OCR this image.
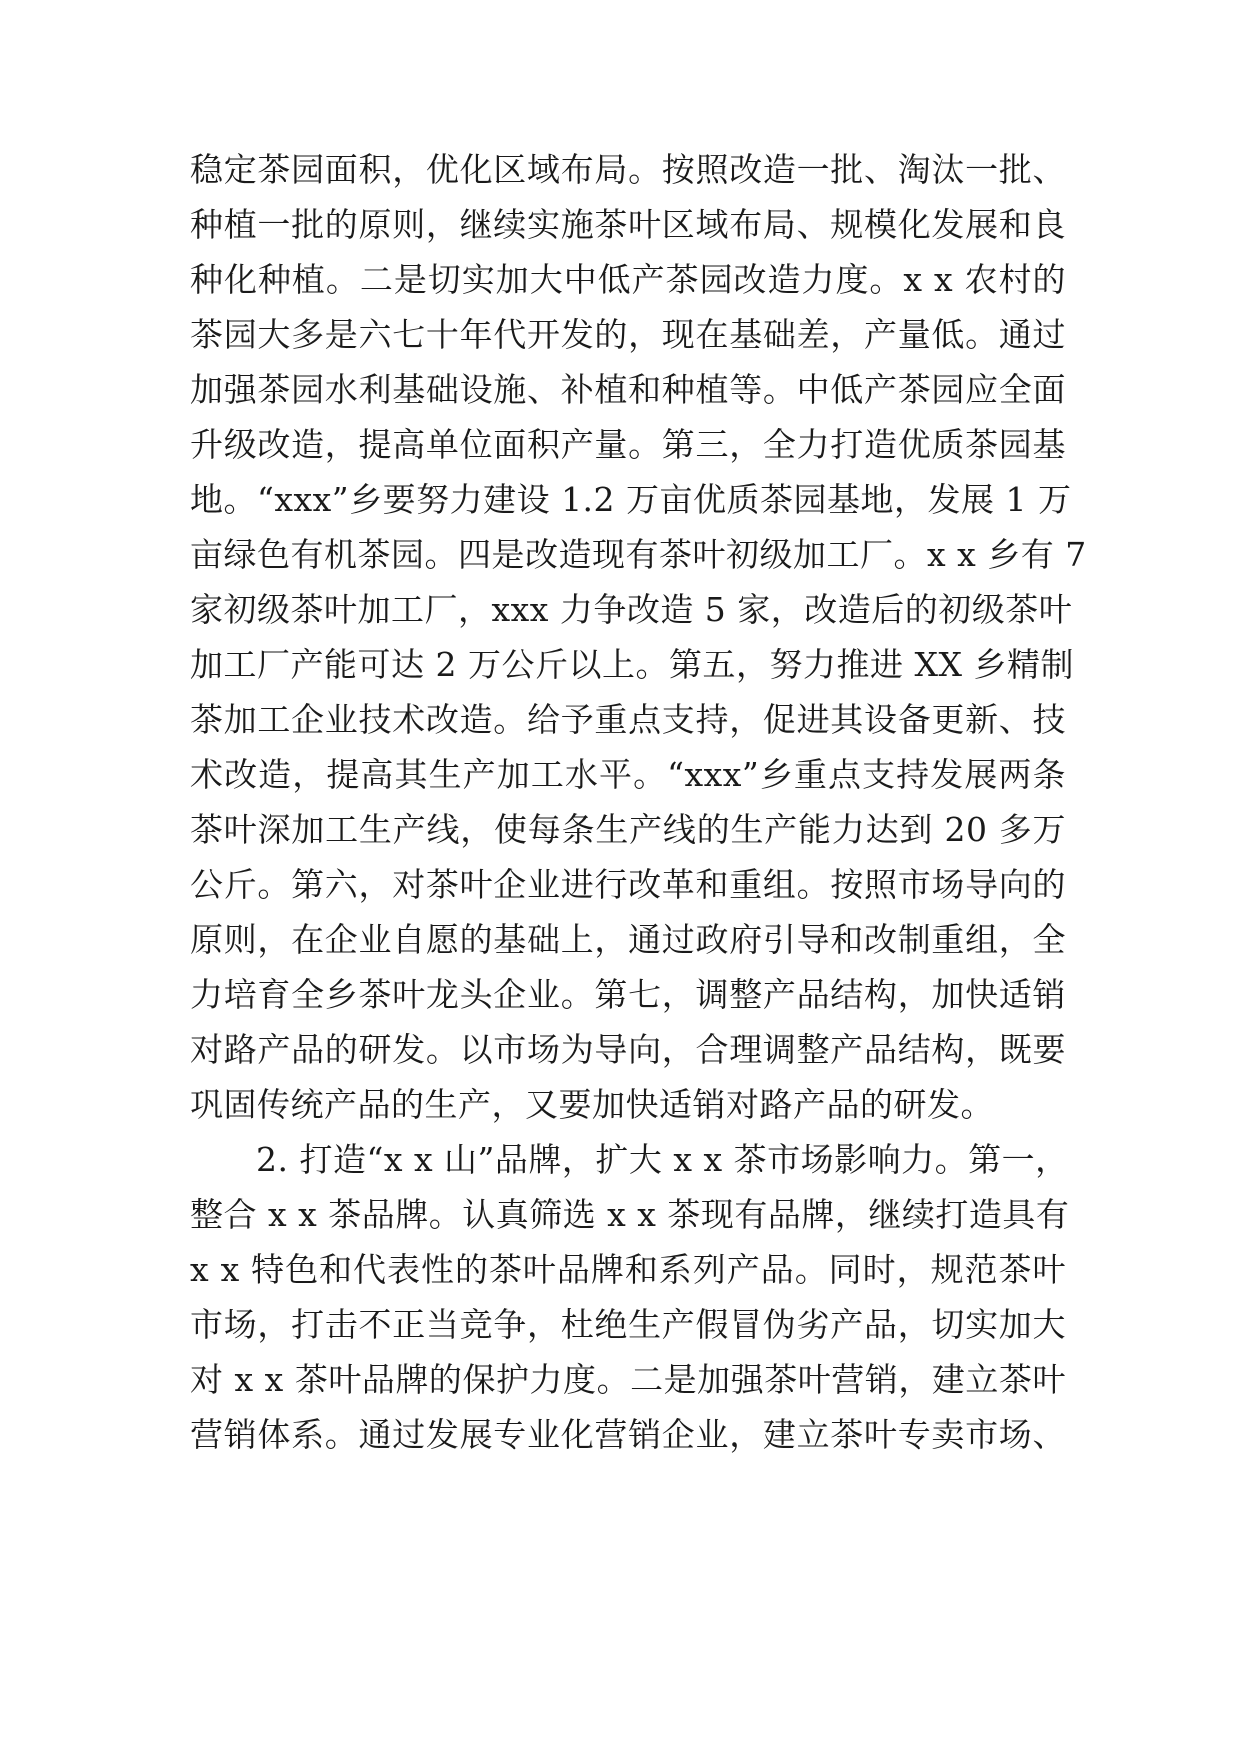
稳定茶园面积，优化区域布局。按照改造一批、淘汰一批、
种植一批的原则，继续实施茶叶区域布局、规模化发展和良
种化种植。二是切实加大中低产茶园改造力度。x x 农村的
茶园大多是六七十年代开发的，现在基础差，产量低。通过
加强茶园水利基础设施、补植和种植等。中低产茶园应全面
升级改造，提高单位面积产量。第三，全力打造优质茶园基
地。“xxx”乡要努力建设 1.2 万亩优质茶园基地，发展 1 万
亩绿色有机茶园。四是改造现有茶叶初级加工厂。x x 乡有 7
家初级茶叶加工厂，xxx 力争改造 5 家，改造后的初级茶叶
加工厂产能可达 2 万公斤以上。第五，努力推进 XX 乡精制
茶加工企业技术改造。给予重点支持，促进其设备更新、技
术改造，提高其生产加工水平。“xxx”乡重点支持发展两条
茶叶深加工生产线，使每条生产线的生产能力达到 20 多万
公斤。第六，对茶叶企业进行改革和重组。按照市场导向的
原则，在企业自愿的基础上，通过政府引导和改制重组，全
力培育全乡茶叶龙头企业。第七，调整产品结构，加快适销
对路产品的研发。以市场为导向，合理调整产品结构，既要
巩固传统产品的生产，又要加快适销对路产品的研发。
2. 打造“x x 山”品牌，扩大 x x 茶市场影响力。第一，
整合 x x 茶品牌。认真筛选 x x 茶现有品牌，继续打造具有
x x 特色和代表性的茶叶品牌和系列产品。同时，规范茶叶
市场，打击不正当竞争，杜绝生产假冒伪劣产品，切实加大
对 x x 茶叶品牌的保护力度。二是加强茶叶营销，建立茶叶
营销体系。通过发展专业化营销企业，建立茶叶专卖市场、
